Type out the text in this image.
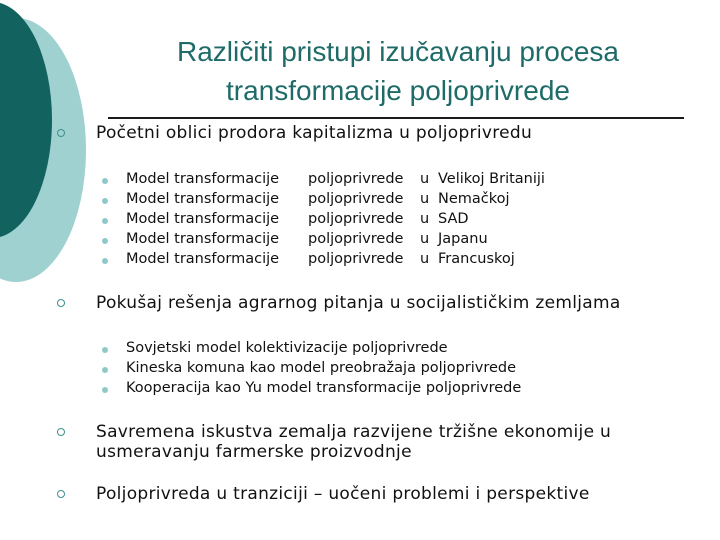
Različiti pristupi izučavanju procesa
transformacije poljoprivrede
Početni oblici prodora kapitalizma u poljoprivredu
Model transformacije poljoprivrede u Velikoj Britaniji
Model transformacije poljoprivrede u Nemačkoj
Model transformacije poljoprivrede u SAD
Model transformacije poljoprivrede u Japanu
Model transformacije poljoprivrede u Francuskoj
Pokušaj rešenja agrarnog pitanja u socijalističkim zemljama
Sovjetski model kolektivizacije poljoprivrede
Kineska komuna kao model preobražaja poljoprivrede
Kooperacija kao Yu model transformacije poljoprivrede
Savremena iskustva zemalja razvijene tržišne ekonomije u
usmeravanju farmerske proizvodnje
Poljoprivreda u tranziciji – uočeni problemi i perspektive
